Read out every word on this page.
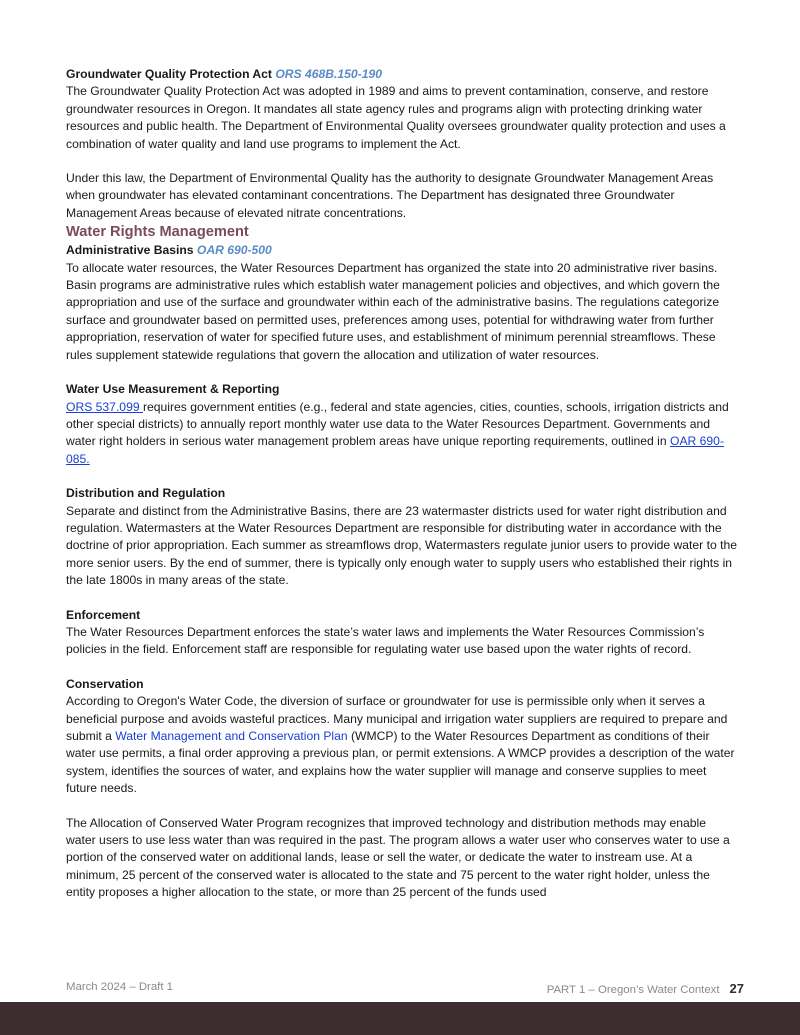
Groundwater Quality Protection Act ORS 468B.150-190

The Groundwater Quality Protection Act was adopted in 1989 and aims to prevent contamination, conserve, and restore groundwater resources in Oregon. It mandates all state agency rules and programs align with protecting drinking water resources and public health. The Department of Environmental Quality oversees groundwater quality protection and uses a combination of water quality and land use programs to implement the Act.

Under this law, the Department of Environmental Quality has the authority to designate Groundwater Management Areas when groundwater has elevated contaminant concentrations. The Department has designated three Groundwater Management Areas because of elevated nitrate concentrations.

Water Rights Management

Administrative Basins OAR 690-500

To allocate water resources, the Water Resources Department has organized the state into 20 administrative river basins. Basin programs are administrative rules which establish water management policies and objectives, and which govern the appropriation and use of the surface and groundwater within each of the administrative basins. The regulations categorize surface and groundwater based on permitted uses, preferences among uses, potential for withdrawing water from further appropriation, reservation of water for specified future uses, and establishment of minimum perennial streamflows. These rules supplement statewide regulations that govern the allocation and utilization of water resources.

Water Use Measurement & Reporting

ORS 537.099 requires government entities (e.g., federal and state agencies, cities, counties, schools, irrigation districts and other special districts) to annually report monthly water use data to the Water Resources Department. Governments and water right holders in serious water management problem areas have unique reporting requirements, outlined in OAR 690-085.

Distribution and Regulation

Separate and distinct from the Administrative Basins, there are 23 watermaster districts used for water right distribution and regulation. Watermasters at the Water Resources Department are responsible for distributing water in accordance with the doctrine of prior appropriation. Each summer as streamflows drop, Watermasters regulate junior users to provide water to the more senior users. By the end of summer, there is typically only enough water to supply users who established their rights in the late 1800s in many areas of the state.

Enforcement

The Water Resources Department enforces the state’s water laws and implements the Water Resources Commission’s policies in the field. Enforcement staff are responsible for regulating water use based upon the water rights of record.

Conservation

According to Oregon's Water Code, the diversion of surface or groundwater for use is permissible only when it serves a beneficial purpose and avoids wasteful practices. Many municipal and irrigation water suppliers are required to prepare and submit a Water Management and Conservation Plan (WMCP) to the Water Resources Department as conditions of their water use permits, a final order approving a previous plan, or permit extensions. A WMCP provides a description of the water system, identifies the sources of water, and explains how the water supplier will manage and conserve supplies to meet future needs.

The Allocation of Conserved Water Program recognizes that improved technology and distribution methods may enable water users to use less water than was required in the past. The program allows a water user who conserves water to use a portion of the conserved water on additional lands, lease or sell the water, or dedicate the water to instream use. At a minimum, 25 percent of the conserved water is allocated to the state and 75 percent to the water right holder, unless the entity proposes a higher allocation to the state, or more than 25 percent of the funds used

March 2024 – Draft 1	PART 1 – Oregon’s Water Context 27
